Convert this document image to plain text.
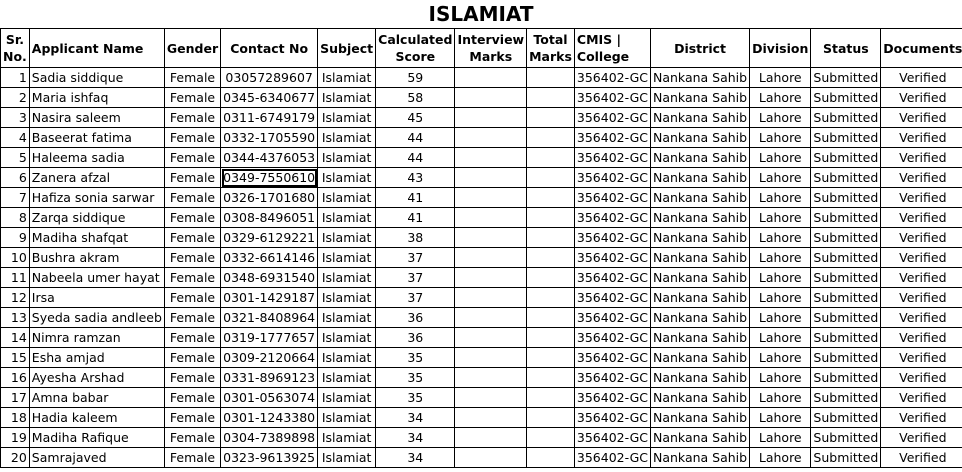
ISLAMIAT
Sr. No.	Applicant Name	Gender	Contact No	Subject	Calculated Score	Interview Marks	Total Marks	CMIS | College	District	Division	Status	Documents
1	Sadia siddique	Female	03057289607	Islamiat	59			356402-GC	Nankana Sahib	Lahore	Submitted	Verified
2	Maria ishfaq	Female	0345-6340677	Islamiat	58			356402-GC	Nankana Sahib	Lahore	Submitted	Verified
3	Nasira saleem	Female	0311-6749179	Islamiat	45			356402-GC	Nankana Sahib	Lahore	Submitted	Verified
4	Baseerat fatima	Female	0332-1705590	Islamiat	44			356402-GC	Nankana Sahib	Lahore	Submitted	Verified
5	Haleema sadia	Female	0344-4376053	Islamiat	44			356402-GC	Nankana Sahib	Lahore	Submitted	Verified
6	Zanera afzal	Female	0349-7550610	Islamiat	43			356402-GC	Nankana Sahib	Lahore	Submitted	Verified
7	Hafiza sonia sarwar	Female	0326-1701680	Islamiat	41			356402-GC	Nankana Sahib	Lahore	Submitted	Verified
8	Zarqa siddique	Female	0308-8496051	Islamiat	41			356402-GC	Nankana Sahib	Lahore	Submitted	Verified
9	Madiha shafqat	Female	0329-6129221	Islamiat	38			356402-GC	Nankana Sahib	Lahore	Submitted	Verified
10	Bushra akram	Female	0332-6614146	Islamiat	37			356402-GC	Nankana Sahib	Lahore	Submitted	Verified
11	Nabeela umer hayat	Female	0348-6931540	Islamiat	37			356402-GC	Nankana Sahib	Lahore	Submitted	Verified
12	Irsa	Female	0301-1429187	Islamiat	37			356402-GC	Nankana Sahib	Lahore	Submitted	Verified
13	Syeda sadia andleeb	Female	0321-8408964	Islamiat	36			356402-GC	Nankana Sahib	Lahore	Submitted	Verified
14	Nimra ramzan	Female	0319-1777657	Islamiat	36			356402-GC	Nankana Sahib	Lahore	Submitted	Verified
15	Esha amjad	Female	0309-2120664	Islamiat	35			356402-GC	Nankana Sahib	Lahore	Submitted	Verified
16	Ayesha Arshad	Female	0331-8969123	Islamiat	35			356402-GC	Nankana Sahib	Lahore	Submitted	Verified
17	Amna babar	Female	0301-0563074	Islamiat	35			356402-GC	Nankana Sahib	Lahore	Submitted	Verified
18	Hadia kaleem	Female	0301-1243380	Islamiat	34			356402-GC	Nankana Sahib	Lahore	Submitted	Verified
19	Madiha Rafique	Female	0304-7389898	Islamiat	34			356402-GC	Nankana Sahib	Lahore	Submitted	Verified
20	Samrajaved	Female	0323-9613925	Islamiat	34			356402-GC	Nankana Sahib	Lahore	Submitted	Verified
